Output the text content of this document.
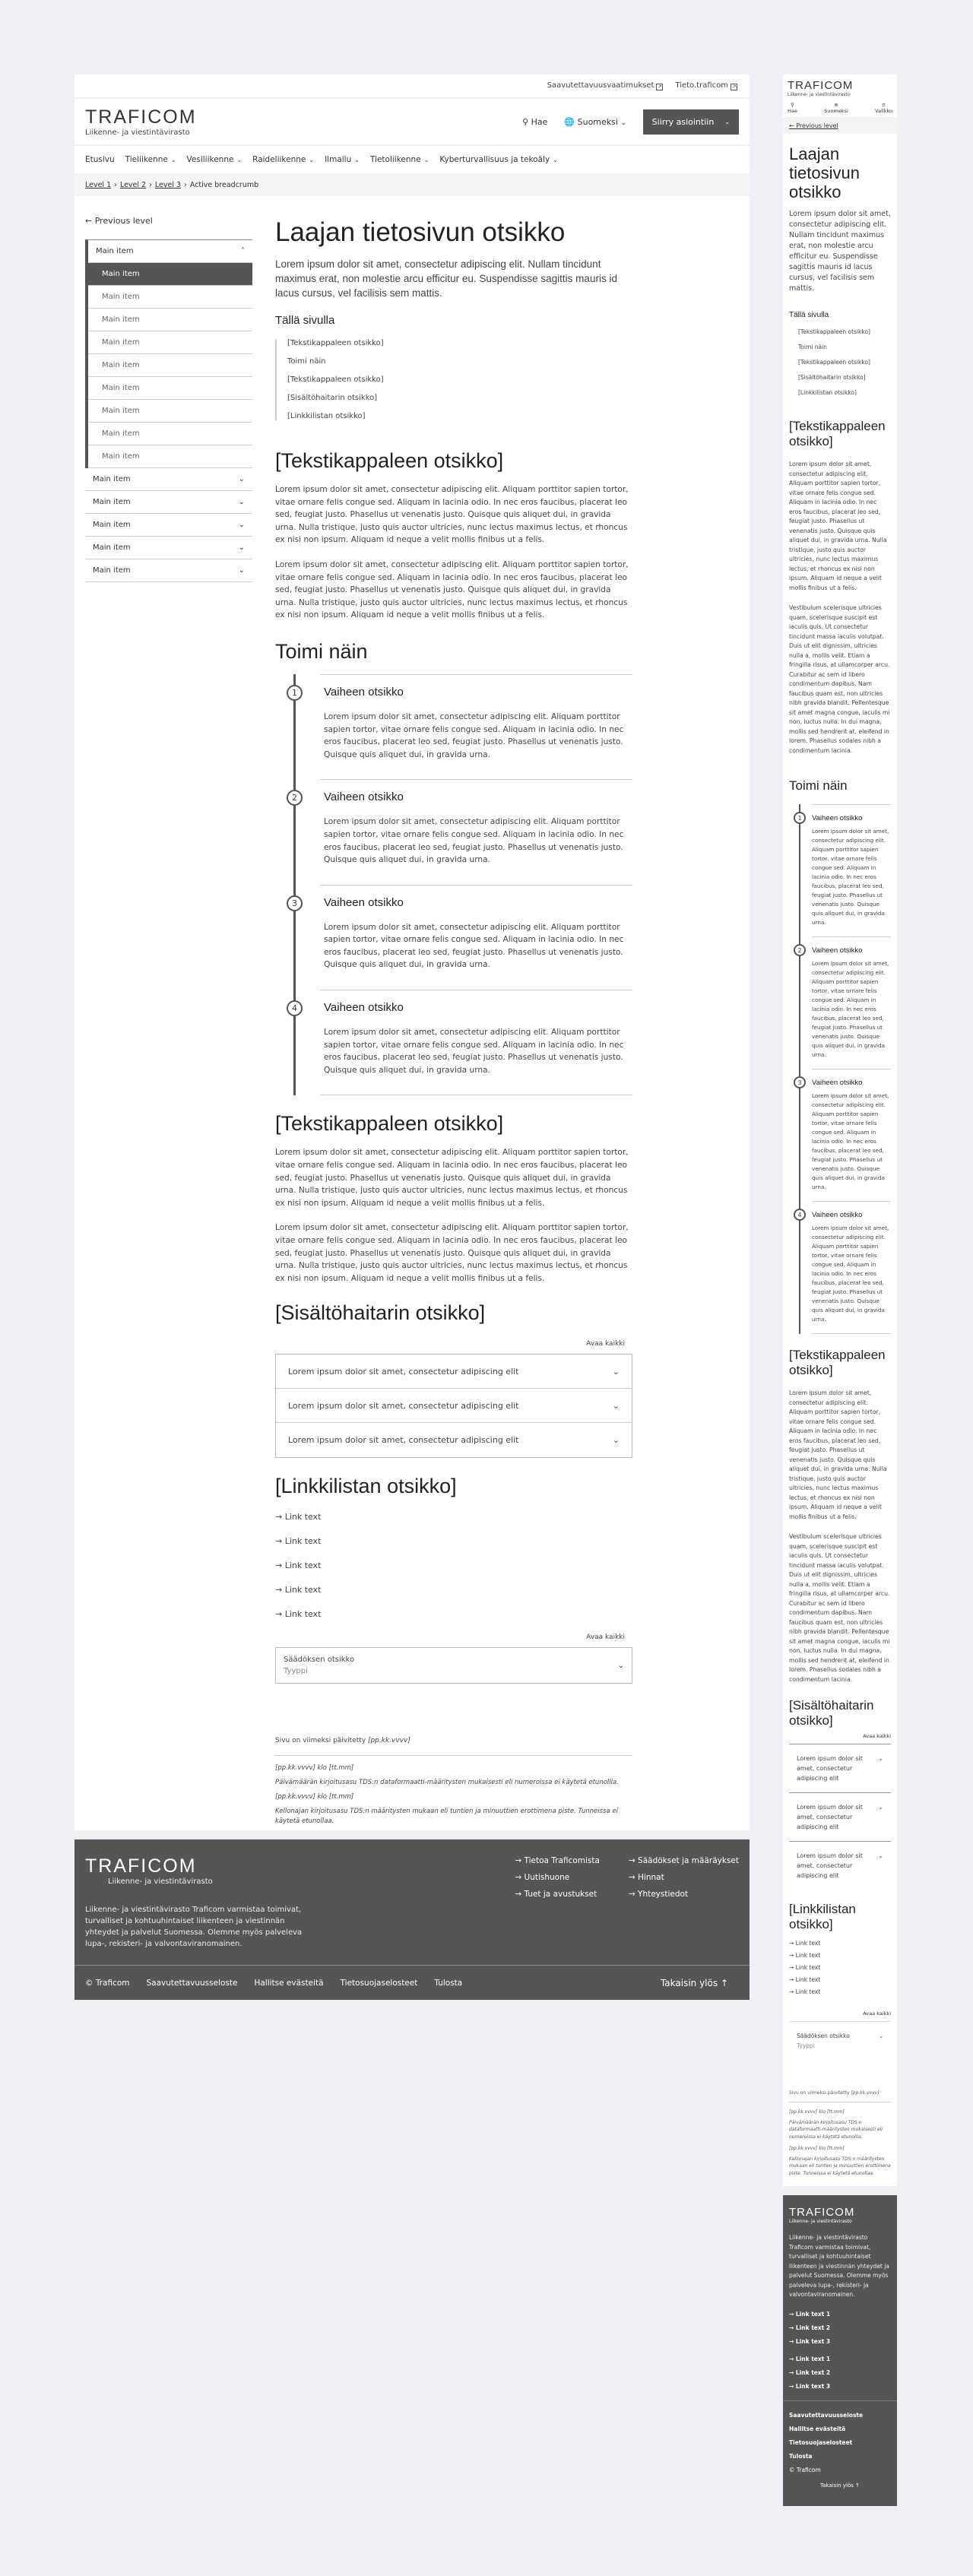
Saavutettavuusvaatimukset ↗ Tieto.traficom ↗
TRAFICOM
Liikenne- ja viestintävirasto
⚲ Hae 🌐 Suomeksi ⌄	Siirry asiointiin ⌄
Etusivu Tieliikenne ⌄ Vesiliikenne ⌄ Raideliikenne ⌄ Ilmailu ⌄ Tietoliikenne ⌄ Kyberturvallisuus ja tekoäly ⌄
Level 1 › Level 2 › Level 3 › Active breadcrumb
← Previous level
Main item	˄
Main item
Main item
Main item
Main item
Main item
Main item
Main item
Main item
Main item
Main item	⌄
Main item	⌄
Main item	⌄
Main item	⌄
Main item	⌄
Laajan tietosivun otsikko

Lorem ipsum dolor sit amet, consectetur adipiscing elit. Nullam tincidunt maximus erat, non molestie arcu efficitur eu. Suspendisse sagittis mauris id lacus cursus, vel facilisis sem mattis.

Tällä sivulla
[Tekstikappaleen otsikko]
Toimi näin
[Tekstikappaleen otsikko]
[Sisältöhaitarin otsikko]
[Linkkilistan otsikko]
[Tekstikappaleen otsikko]

Lorem ipsum dolor sit amet, consectetur adipiscing elit. Aliquam porttitor sapien tortor, vitae ornare felis congue sed. Aliquam in lacinia odio. In nec eros faucibus, placerat leo sed, feugiat justo. Phasellus ut venenatis justo. Quisque quis aliquet dui, in gravida urna. Nulla tristique, justo quis auctor ultricies, nunc lectus maximus lectus, et rhoncus ex nisi non ipsum. Aliquam id neque a velit mollis finibus ut a felis.

Lorem ipsum dolor sit amet, consectetur adipiscing elit. Aliquam porttitor sapien tortor, vitae ornare felis congue sed. Aliquam in lacinia odio. In nec eros faucibus, placerat leo sed, feugiat justo. Phasellus ut venenatis justo. Quisque quis aliquet dui, in gravida urna. Nulla tristique, justo quis auctor ultricies, nunc lectus maximus lectus, et rhoncus ex nisi non ipsum. Aliquam id neque a velit mollis finibus ut a felis.

Toimi näin
1	Vaiheen otsikko

Lorem ipsum dolor sit amet, consectetur adipiscing elit. Aliquam porttitor sapien tortor, vitae ornare felis congue sed. Aliquam in lacinia odio. In nec eros faucibus, placerat leo sed, feugiat justo. Phasellus ut venenatis justo. Quisque quis aliquet dui, in gravida urna.

2	Vaiheen otsikko

Lorem ipsum dolor sit amet, consectetur adipiscing elit. Aliquam porttitor sapien tortor, vitae ornare felis congue sed. Aliquam in lacinia odio. In nec eros faucibus, placerat leo sed, feugiat justo. Phasellus ut venenatis justo. Quisque quis aliquet dui, in gravida urna.

3	Vaiheen otsikko

Lorem ipsum dolor sit amet, consectetur adipiscing elit. Aliquam porttitor sapien tortor, vitae ornare felis congue sed. Aliquam in lacinia odio. In nec eros faucibus, placerat leo sed, feugiat justo. Phasellus ut venenatis justo. Quisque quis aliquet dui, in gravida urna.

4	Vaiheen otsikko

Lorem ipsum dolor sit amet, consectetur adipiscing elit. Aliquam porttitor sapien tortor, vitae ornare felis congue sed. Aliquam in lacinia odio. In nec eros faucibus, placerat leo sed, feugiat justo. Phasellus ut venenatis justo. Quisque quis aliquet dui, in gravida urna.

[Tekstikappaleen otsikko]

Lorem ipsum dolor sit amet, consectetur adipiscing elit. Aliquam porttitor sapien tortor, vitae ornare felis congue sed. Aliquam in lacinia odio. In nec eros faucibus, placerat leo sed, feugiat justo. Phasellus ut venenatis justo. Quisque quis aliquet dui, in gravida urna. Nulla tristique, justo quis auctor ultricies, nunc lectus maximus lectus, et rhoncus ex nisi non ipsum. Aliquam id neque a velit mollis finibus ut a felis.

Lorem ipsum dolor sit amet, consectetur adipiscing elit. Aliquam porttitor sapien tortor, vitae ornare felis congue sed. Aliquam in lacinia odio. In nec eros faucibus, placerat leo sed, feugiat justo. Phasellus ut venenatis justo. Quisque quis aliquet dui, in gravida urna. Nulla tristique, justo quis auctor ultricies, nunc lectus maximus lectus, et rhoncus ex nisi non ipsum. Aliquam id neque a velit mollis finibus ut a felis.

[Sisältöhaitarin otsikko]
Avaa kaikki
Lorem ipsum dolor sit amet, consectetur adipiscing elit	⌄
Lorem ipsum dolor sit amet, consectetur adipiscing elit	⌄
Lorem ipsum dolor sit amet, consectetur adipiscing elit	⌄
[Linkkilistan otsikko]
→ Link text
→ Link text
→ Link text
→ Link text
→ Link text
Avaa kaikki
Säädöksen otsikko
Tyyppi
⌄
Sivu on viimeksi päivitetty [pp.kk.vvvv]
[pp.kk.vvvv] klo [tt.mm]
Päivämäärän kirjoitusasu TDS:n dataformaatti-määritysten mukaisesti eli numeroissa ei käytetä etunollia.
[pp.kk.vvvv] klo [tt.mm]
Kellonajan kirjoitusasu TDS:n määritysten mukaan eli tuntien ja minuuttien erottimena piste. Tunneissa ei käytetä etunollaa.
TRAFICOM
Liikenne- ja viestintävirasto

Liikenne- ja viestintävirasto Traficom varmistaa toimivat, turvalliset ja kohtuuhintaiset liikenteen ja viestinnän yhteydet ja palvelut Suomessa. Olemme myös palveleva lupa-, rekisteri- ja valvontaviranomainen.

→ Tietoa Traficomista
→ Uutishuone
→ Tuet ja avustukset
→ Säädökset ja määräykset
→ Hinnat
→ Yhteystiedot
© Traficom Saavutettavuusseloste Hallitse evästeitä Tietosuojaselosteet Tulosta	Takaisin ylös ↑
TRAFICOM
Liikenne- ja viestintävirasto
⚲
Hae
⊕
Suomeksi
≡
Valikko
← Previous level
Laajan tietosivun otsikko

Lorem ipsum dolor sit amet, consectetur adipiscing elit. Nullam tincidunt maximus erat, non molestie arcu efficitur eu. Suspendisse sagittis mauris id lacus cursus, vel facilisis sem mattis.

Tällä sivulla
[Tekstikappaleen otsikko]
Toimi näin
[Tekstikappaleen otsikko]
[Sisältöhaitarin otsikko]
[Linkkilistan otsikko]
[Tekstikappaleen otsikko]

Lorem ipsum dolor sit amet, consectetur adipiscing elit. Aliquam porttitor sapien tortor, vitae ornare felis congue sed. Aliquam in lacinia odio. In nec eros faucibus, placerat leo sed, feugiat justo. Phasellus ut venenatis justo. Quisque quis aliquet dui, in gravida urna. Nulla tristique, justo quis auctor ultricies, nunc lectus maximus lectus, et rhoncus ex nisi non ipsum. Aliquam id neque a velit mollis finibus ut a felis.

Vestibulum scelerisque ultricies quam, scelerisque suscipit est iaculis quis. Ut consectetur tincidunt massa iaculis volutpat. Duis ut elit dignissim, ultricies nulla a, mollis velit. Etiam a fringilla risus, at ullamcorper arcu. Curabitur ac sem id libero condimentum dapibus. Nam faucibus quam est, non ultricies nibh gravida blandit. Pellentesque sit amet magna congue, iaculis mi non, luctus nulla. In dui magna, mollis sed hendrerit at, eleifend in lorem. Phasellus sodales nibh a condimentum lacinia.

Toimi näin
1	Vaiheen otsikko

Lorem ipsum dolor sit amet, consectetur adipiscing elit. Aliquam porttitor sapien tortor, vitae ornare felis congue sed. Aliquam in lacinia odio. In nec eros faucibus, placerat leo sed, feugiat justo. Phasellus ut venenatis justo. Quisque quis aliquet dui, in gravida urna.

2	Vaiheen otsikko

Lorem ipsum dolor sit amet, consectetur adipiscing elit. Aliquam porttitor sapien tortor, vitae ornare felis congue sed. Aliquam in lacinia odio. In nec eros faucibus, placerat leo sed, feugiat justo. Phasellus ut venenatis justo. Quisque quis aliquet dui, in gravida urna.

3	Vaiheen otsikko

Lorem ipsum dolor sit amet, consectetur adipiscing elit. Aliquam porttitor sapien tortor, vitae ornare felis congue sed. Aliquam in lacinia odio. In nec eros faucibus, placerat leo sed, feugiat justo. Phasellus ut venenatis justo. Quisque quis aliquet dui, in gravida urna.

4	Vaiheen otsikko

Lorem ipsum dolor sit amet, consectetur adipiscing elit. Aliquam porttitor sapien tortor, vitae ornare felis congue sed. Aliquam in lacinia odio. In nec eros faucibus, placerat leo sed, feugiat justo. Phasellus ut venenatis justo. Quisque quis aliquet dui, in gravida urna.

[Tekstikappaleen otsikko]

Lorem ipsum dolor sit amet, consectetur adipiscing elit. Aliquam porttitor sapien tortor, vitae ornare felis congue sed. Aliquam in lacinia odio. In nec eros faucibus, placerat leo sed, feugiat justo. Phasellus ut venenatis justo. Quisque quis aliquet dui, in gravida urna. Nulla tristique, justo quis auctor ultricies, nunc lectus maximus lectus, et rhoncus ex nisi non ipsum. Aliquam id neque a velit mollis finibus ut a felis.

Vestibulum scelerisque ultricies quam, scelerisque suscipit est iaculis quis. Ut consectetur tincidunt massa iaculis volutpat. Duis ut elit dignissim, ultricies nulla a, mollis velit. Etiam a fringilla risus, at ullamcorper arcu. Curabitur ac sem id libero condimentum dapibus. Nam faucibus quam est, non ultricies nibh gravida blandit. Pellentesque sit amet magna congue, iaculis mi non, luctus nulla. In dui magna, mollis sed hendrerit at, eleifend in lorem. Phasellus sodales nibh a condimentum lacinia.

[Sisältöhaitarin otsikko]
Avaa kaikki
Lorem ipsum dolor sit amet, consectetur adipiscing elit
⌄
Lorem ipsum dolor sit amet, consectetur adipiscing elit
⌄
Lorem ipsum dolor sit amet, consectetur adipiscing elit
⌄
[Linkkilistan otsikko]
→ Link text
→ Link text
→ Link text
→ Link text
→ Link text
Avaa kaikki
Säädöksen otsikko
Tyyppi
⌄
Sivu on viimeksi päivitetty [pp.kk.vvvv]
[pp.kk.vvvv] klo [tt.mm]
Päivämäärän kirjoitusasu TDS:n dataformaatti-määritysten mukaisesti eli numeroissa ei käytetä etunollia.
[pp.kk.vvvv] klo [tt.mm]
Kellonajan kirjoitusasu TDS:n määritysten mukaan eli tuntien ja minuuttien erottimena piste. Tunneissa ei käytetä etunollaa.
TRAFICOM
Liikenne- ja viestintävirasto

Liikenne- ja viestintävirasto Traficom varmistaa toimivat, turvalliset ja kohtuuhintaiset liikenteen ja viestinnän yhteydet ja palvelut Suomessa. Olemme myös palveleva lupa-, rekisteri- ja valvontaviranomainen.

→ Link text 1
→ Link text 2
→ Link text 3
→ Link text 1
→ Link text 2
→ Link text 3
Saavutettavuusseloste
Hallitse evästeitä
Tietosuojaselosteet
Tulosta
© Traficom
Takaisin ylös ↑
